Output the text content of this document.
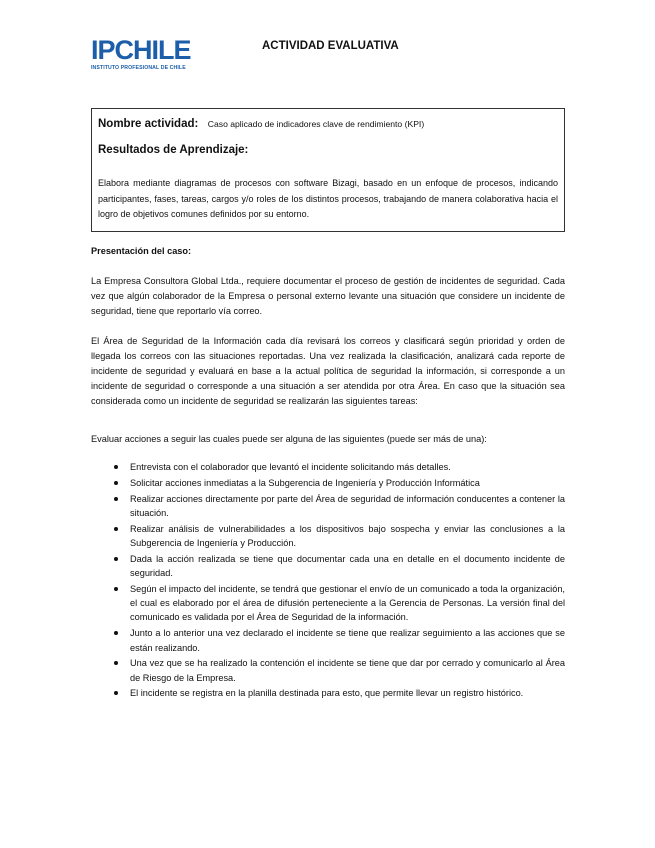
IPCHILE
INSTITUTO PROFESIONAL DE CHILE
ACTIVIDAD EVALUATIVA
Nombre actividad: Caso aplicado de indicadores clave de rendimiento (KPI)
Resultados de Aprendizaje:
Elabora mediante diagramas de procesos con software Bizagi, basado en un enfoque de procesos, indicando participantes, fases, tareas, cargos y/o roles de los distintos procesos, trabajando de manera colaborativa hacia el logro de objetivos comunes definidos por su entorno.
Presentación del caso:
La Empresa Consultora Global Ltda., requiere documentar el proceso de gestión de incidentes de seguridad. Cada vez que algún colaborador de la Empresa o personal externo levante una situación que considere un incidente de seguridad, tiene que reportarlo vía correo.
El Área de Seguridad de la Información cada día revisará los correos y clasificará según prioridad y orden de llegada los correos con las situaciones reportadas. Una vez realizada la clasificación, analizará cada reporte de incidente de seguridad y evaluará en base a la actual política de seguridad la información, si corresponde a un incidente de seguridad o corresponde a una situación a ser atendida por otra Área. En caso que la situación sea considerada como un incidente de seguridad se realizarán las siguientes tareas:
Evaluar acciones a seguir las cuales puede ser alguna de las siguientes (puede ser más de una):
Entrevista con el colaborador que levantó el incidente solicitando más detalles.
Solicitar acciones inmediatas a la Subgerencia de Ingeniería y Producción Informática
Realizar acciones directamente por parte del Área de seguridad de información conducentes a contener la situación.
Realizar análisis de vulnerabilidades a los dispositivos bajo sospecha y enviar las conclusiones a la Subgerencia de Ingeniería y Producción.
Dada la acción realizada se tiene que documentar cada una en detalle en el documento incidente de seguridad.
Según el impacto del incidente, se tendrá que gestionar el envío de un comunicado a toda la organización, el cual es elaborado por el área de difusión perteneciente a la Gerencia de Personas. La versión final del comunicado es validada por el Área de Seguridad de la información.
Junto a lo anterior una vez declarado el incidente se tiene que realizar seguimiento a las acciones que se están realizando.
Una vez que se ha realizado la contención el incidente se tiene que dar por cerrado y comunicarlo al Área de Riesgo de la Empresa.
El incidente se registra en la planilla destinada para esto, que permite llevar un registro histórico.
